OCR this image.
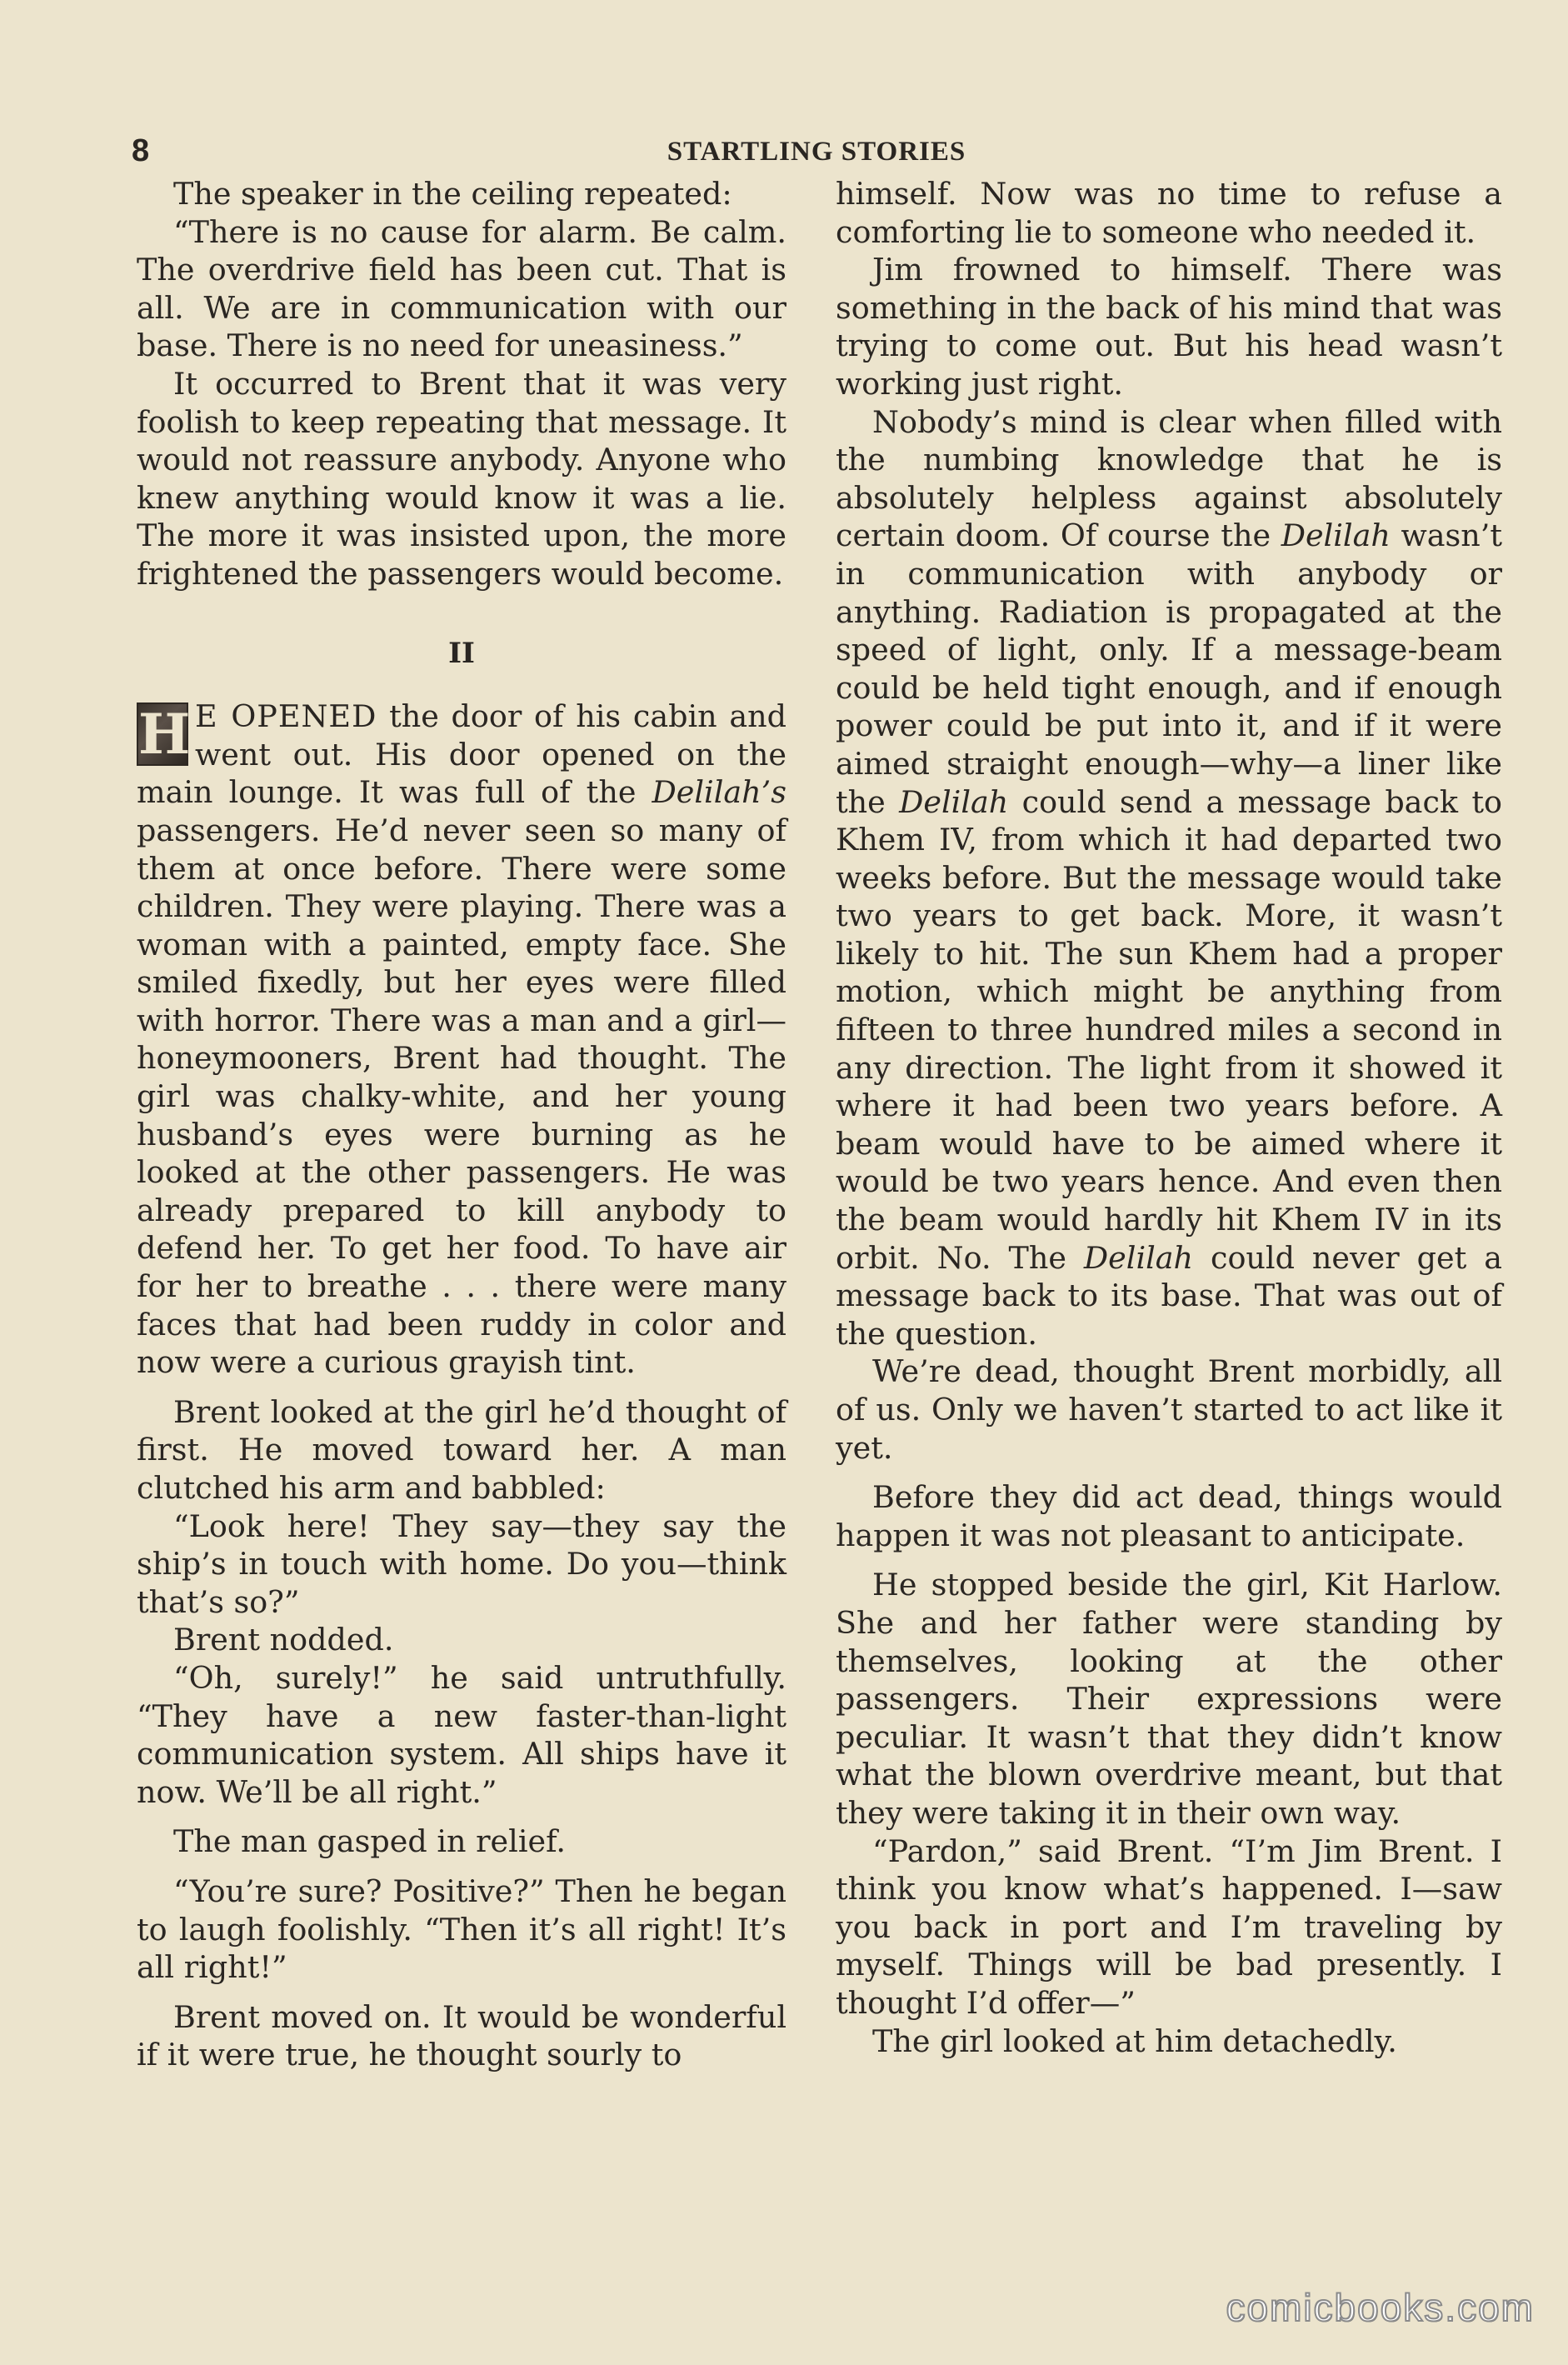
8	STARTLING STORIES

The speaker in the ceiling repeated:

“There is no cause for alarm. Be calm. The overdrive field has been cut. That is all. We are in communication with our base. There is no need for uneasiness.”

It occurred to Brent that it was very foolish to keep repeating that message. It would not reassure anybody. Anyone who knew anything would know it was a lie. The more it was insisted upon, the more frightened the passengers would become.

II

H E OPENED the door of his cabin and went out. His door opened on the main lounge. It was full of the Delilah’s passengers. He’d never seen so many of them at once before. There were some children. They were playing. There was a woman with a painted, empty face. She smiled fixedly, but her eyes were filled with horror. There was a man and a girl—honeymooners, Brent had thought. The girl was chalky-white, and her young husband’s eyes were burning as he looked at the other passengers. He was already prepared to kill anybody to defend her. To get her food. To have air for her to breathe . . . there were many faces that had been ruddy in color and now were a curious grayish tint.

Brent looked at the girl he’d thought of first. He moved toward her. A man clutched his arm and babbled:

“Look here! They say—they say the ship’s in touch with home. Do you—think that’s so?”

Brent nodded.

“Oh, surely!” he said untruthfully. “They have a new faster-than-light communication system. All ships have it now. We’ll be all right.”

The man gasped in relief.

“You’re sure? Positive?” Then he began to laugh foolishly. “Then it’s all right! It’s all right!”

Brent moved on. It would be wonderful if it were true, he thought sourly to

himself. Now was no time to refuse a comforting lie to someone who needed it.

Jim frowned to himself. There was something in the back of his mind that was trying to come out. But his head wasn’t working just right.

Nobody’s mind is clear when filled with the numbing knowledge that he is absolutely helpless against absolutely certain doom. Of course the Delilah wasn’t in communication with anybody or anything. Radiation is propagated at the speed of light, only. If a message-beam could be held tight enough, and if enough power could be put into it, and if it were aimed straight enough—why—a liner like the Delilah could send a message back to Khem IV, from which it had departed two weeks before. But the message would take two years to get back. More, it wasn’t likely to hit. The sun Khem had a proper motion, which might be anything from fifteen to three hundred miles a second in any direction. The light from it showed it where it had been two years before. A beam would have to be aimed where it would be two years hence. And even then the beam would hardly hit Khem IV in its orbit. No. The Delilah could never get a message back to its base. That was out of the question.

We’re dead, thought Brent morbidly, all of us. Only we haven’t started to act like it yet.

Before they did act dead, things would happen it was not pleasant to anticipate.

He stopped beside the girl, Kit Harlow. She and her father were standing by themselves, looking at the other passengers. Their expressions were peculiar. It wasn’t that they didn’t know what the blown overdrive meant, but that they were taking it in their own way.

“Pardon,” said Brent. “I’m Jim Brent. I think you know what’s happened. I—saw you back in port and I’m traveling by myself. Things will be bad presently. I thought I’d offer—”

The girl looked at him detachedly.

comicbooks.com
